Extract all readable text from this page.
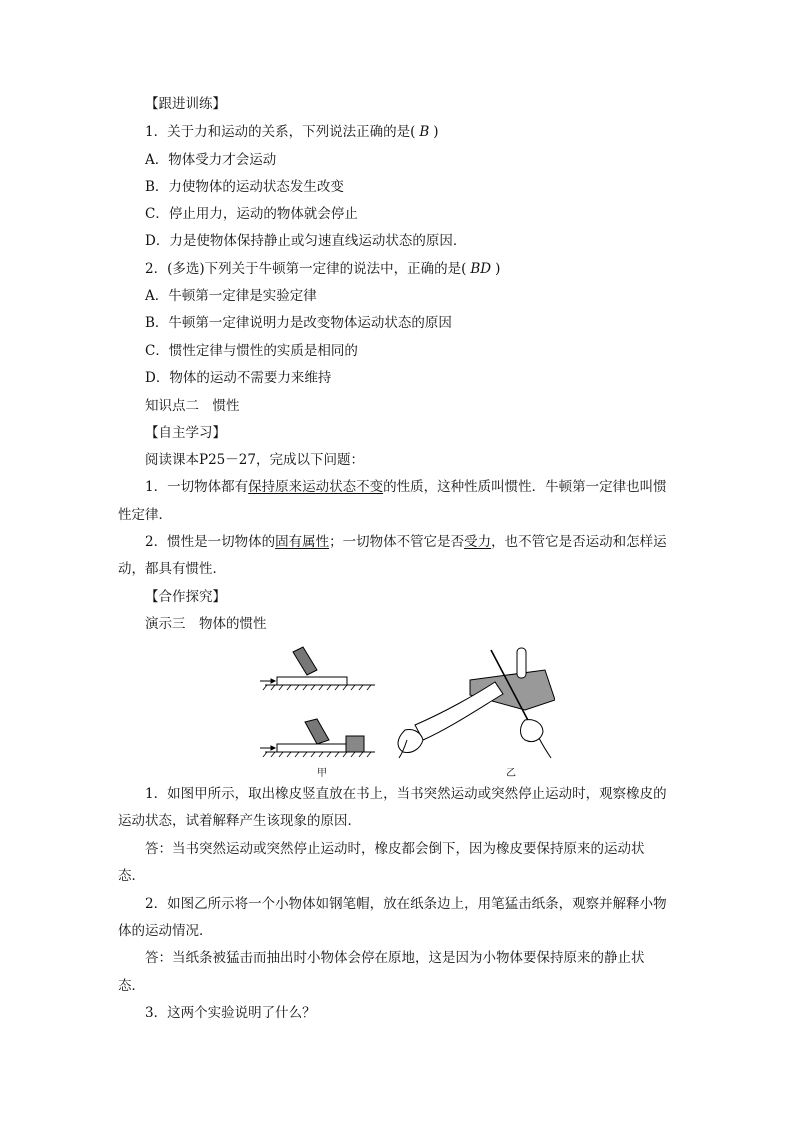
【跟进训练】
1．关于力和运动的关系，下列说法正确的是( B )
A．物体受力才会运动
B．力使物体的运动状态发生改变
C．停止用力，运动的物体就会停止
D．力是使物体保持静止或匀速直线运动状态的原因．
2．(多选)下列关于牛顿第一定律的说法中，正确的是( BD )
A．牛顿第一定律是实验定律
B．牛顿第一定律说明力是改变物体运动状态的原因
C．惯性定律与惯性的实质是相同的
D．物体的运动不需要力来维持
知识点二　惯性
【自主学习】
阅读课本P25－27，完成以下问题：
1．一切物体都有保持原来运动状态不变的性质，这种性质叫惯性．牛顿第一定律也叫惯
性定律．
2．惯性是一切物体的固有属性；一切物体不管它是否受力，也不管它是否运动和怎样运
动，都具有惯性．
【合作探究】
演示三　物体的惯性
甲	乙
1．如图甲所示，取出橡皮竖直放在书上，当书突然运动或突然停止运动时，观察橡皮的
运动状态，试着解释产生该现象的原因．
答：当书突然运动或突然停止运动时，橡皮都会倒下，因为橡皮要保持原来的运动状
态．
2．如图乙所示将一个小物体如钢笔帽，放在纸条边上，用笔猛击纸条，观察并解释小物
体的运动情况．
答：当纸条被猛击而抽出时小物体会停在原地，这是因为小物体要保持原来的静止状
态．
3．这两个实验说明了什么？
